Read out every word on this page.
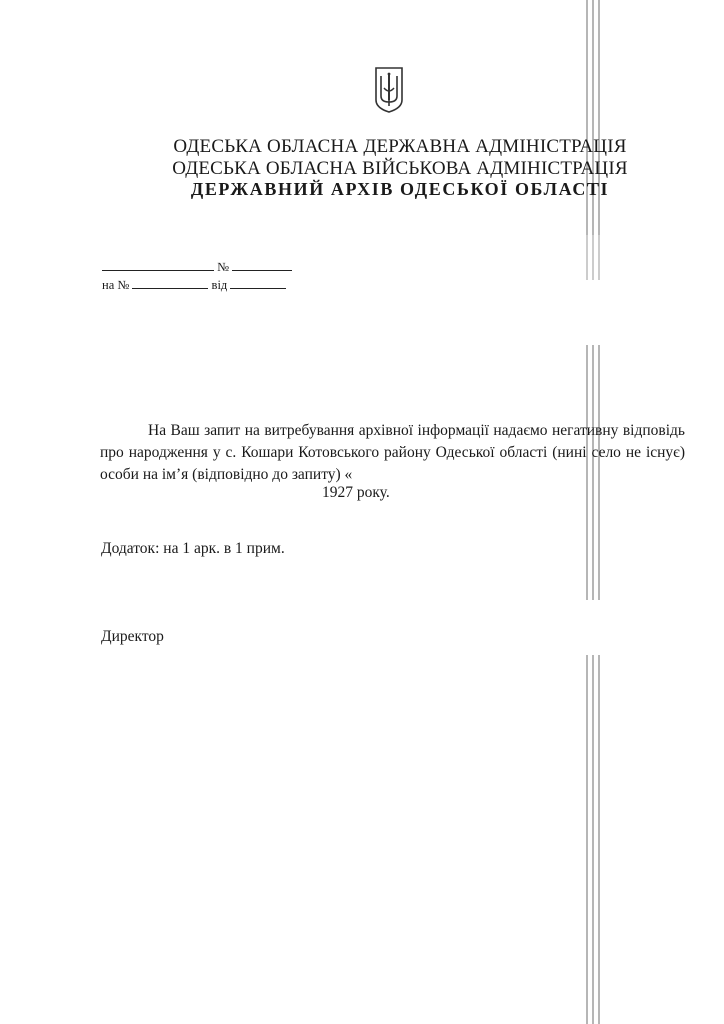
ОДЕСЬКА ОБЛАСНА ДЕРЖАВНА АДМІНІСТРАЦІЯ
ОДЕСЬКА ОБЛАСНА ВІЙСЬКОВА АДМІНІСТРАЦІЯ
ДЕРЖАВНИЙ АРХІВ ОДЕСЬКОЇ ОБЛАСТІ
№
на №	від

На Ваш запит на витребування архівної інформації надаємо негативну відповідь про народження у с. Кошари Котовського району Одеської області (нині село не існує) особи на ім’я (відповідно до запиту) «

1927 року.
Додаток: на 1 арк. в 1 прим.
Директор
